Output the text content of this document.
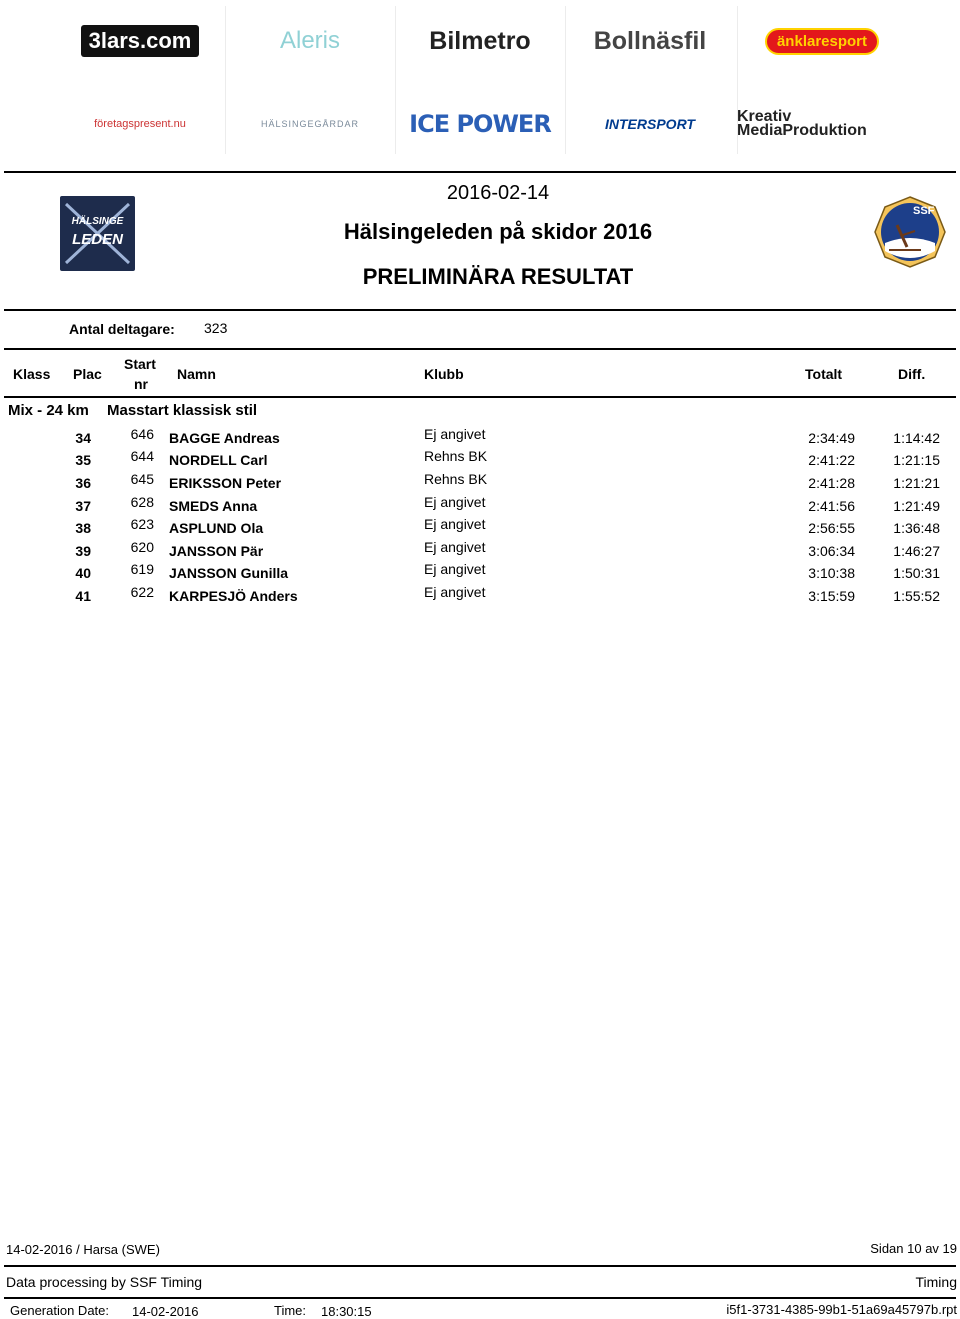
3lars.com	Aleris	Bilmetro	Bollnäsfil	änklaresport
företagspresent.nu	HÄLSINGEGÅRDAR ICE POWER	INTERSPORT	Kreativ MediaProduktion
HÄLSINGE
LEDEN
SSF
2016-02-14
Hälsingeleden på skidor 2016
PRELIMINÄRA RESULTAT
Antal deltagare: 323
Klass Plac
Start
nr
Namn	Klubb	Totalt	Diff.
Mix - 24 km Masstart klassisk stil
34	646 BAGGE Andreas	Ej angivet	2:34:49	1:14:42
35	644 NORDELL Carl	Rehns BK	2:41:22	1:21:15
36	645 ERIKSSON Peter	Rehns BK	2:41:28	1:21:21
37	628 SMEDS Anna	Ej angivet	2:41:56	1:21:49
38	623 ASPLUND Ola	Ej angivet	2:56:55	1:36:48
39	620 JANSSON Pär	Ej angivet	3:06:34	1:46:27
40	619 JANSSON Gunilla	Ej angivet	3:10:38	1:50:31
41	622 KARPESJÖ Anders	Ej angivet	3:15:59	1:55:52
14-02-2016 / Harsa (SWE)	Sidan 10 av 19
Data processing by SSF Timing	Timing
Generation Date: 14-02-2016	Time: 18:30:15	i5f1-3731-4385-99b1-51a69a45797b.rpt
